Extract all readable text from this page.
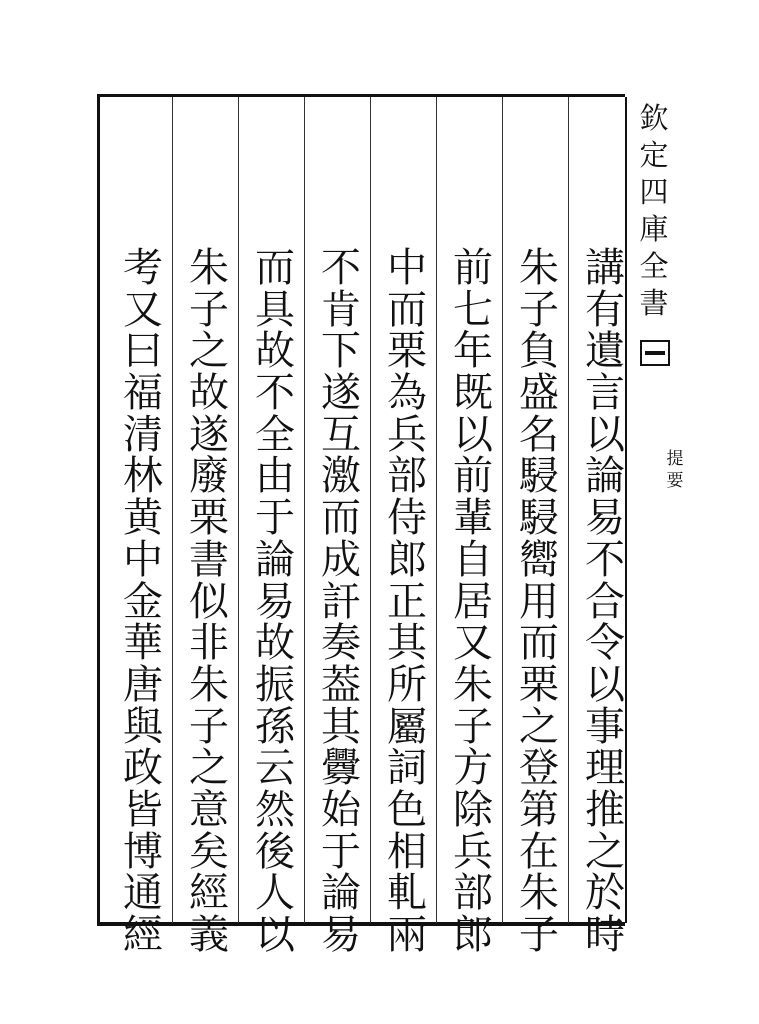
欽
定
四
庫
全
書
提
要
講
有
遺
言
以
論
易
不
合
令
以
事
理
推
之
於
時
朱
子
負
盛
名
駸
駸
嚮
用
而
栗
之
登
第
在
朱
子
前
七
年
既
以
前
輩
自
居
又
朱
子
方
除
兵
部
郎
中
而
栗
為
兵
部
侍
郎
正
其
所
屬
詞
色
相
軋
兩
不
肯
下
遂
互
激
而
成
訐
奏
葢
其
釁
始
于
論
易
而
具
故
不
全
由
于
論
易
故
振
孫
云
然
後
人
以
朱
子
之
故
遂
廢
栗
書
似
非
朱
子
之
意
矣
經
義
考
又
曰
福
清
林
黄
中
金
華
唐
與
政
皆
博
通
經
